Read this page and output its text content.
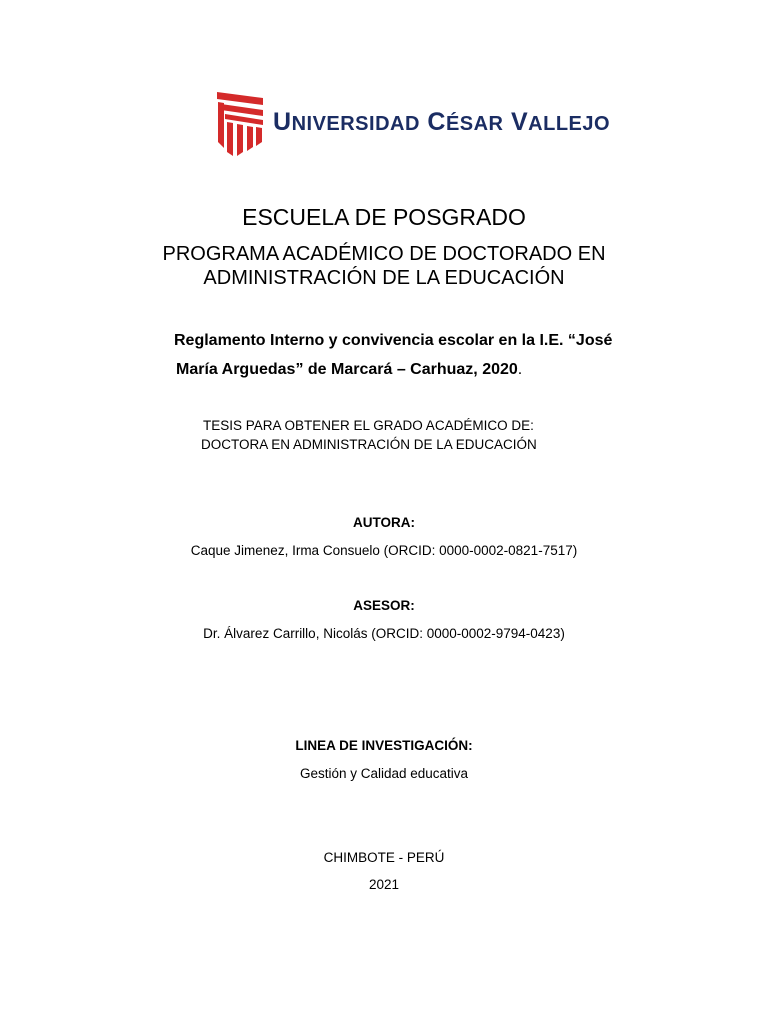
UNIVERSIDAD CÉSAR VALLEJO
ESCUELA DE POSGRADO
PROGRAMA ACADÉMICO DE DOCTORADO EN
ADMINISTRACIÓN DE LA EDUCACIÓN
Reglamento Interno y convivencia escolar en la I.E. “José
María Arguedas” de Marcará – Carhuaz, 2020.
TESIS PARA OBTENER EL GRADO ACADÉMICO DE:
DOCTORA EN ADMINISTRACIÓN DE LA EDUCACIÓN
AUTORA:
Caque Jimenez, Irma Consuelo (ORCID: 0000-0002-0821-7517)
ASESOR:
Dr. Álvarez Carrillo, Nicolás (ORCID: 0000-0002-9794-0423)
LINEA DE INVESTIGACIÓN:
Gestión y Calidad educativa
CHIMBOTE - PERÚ
2021
